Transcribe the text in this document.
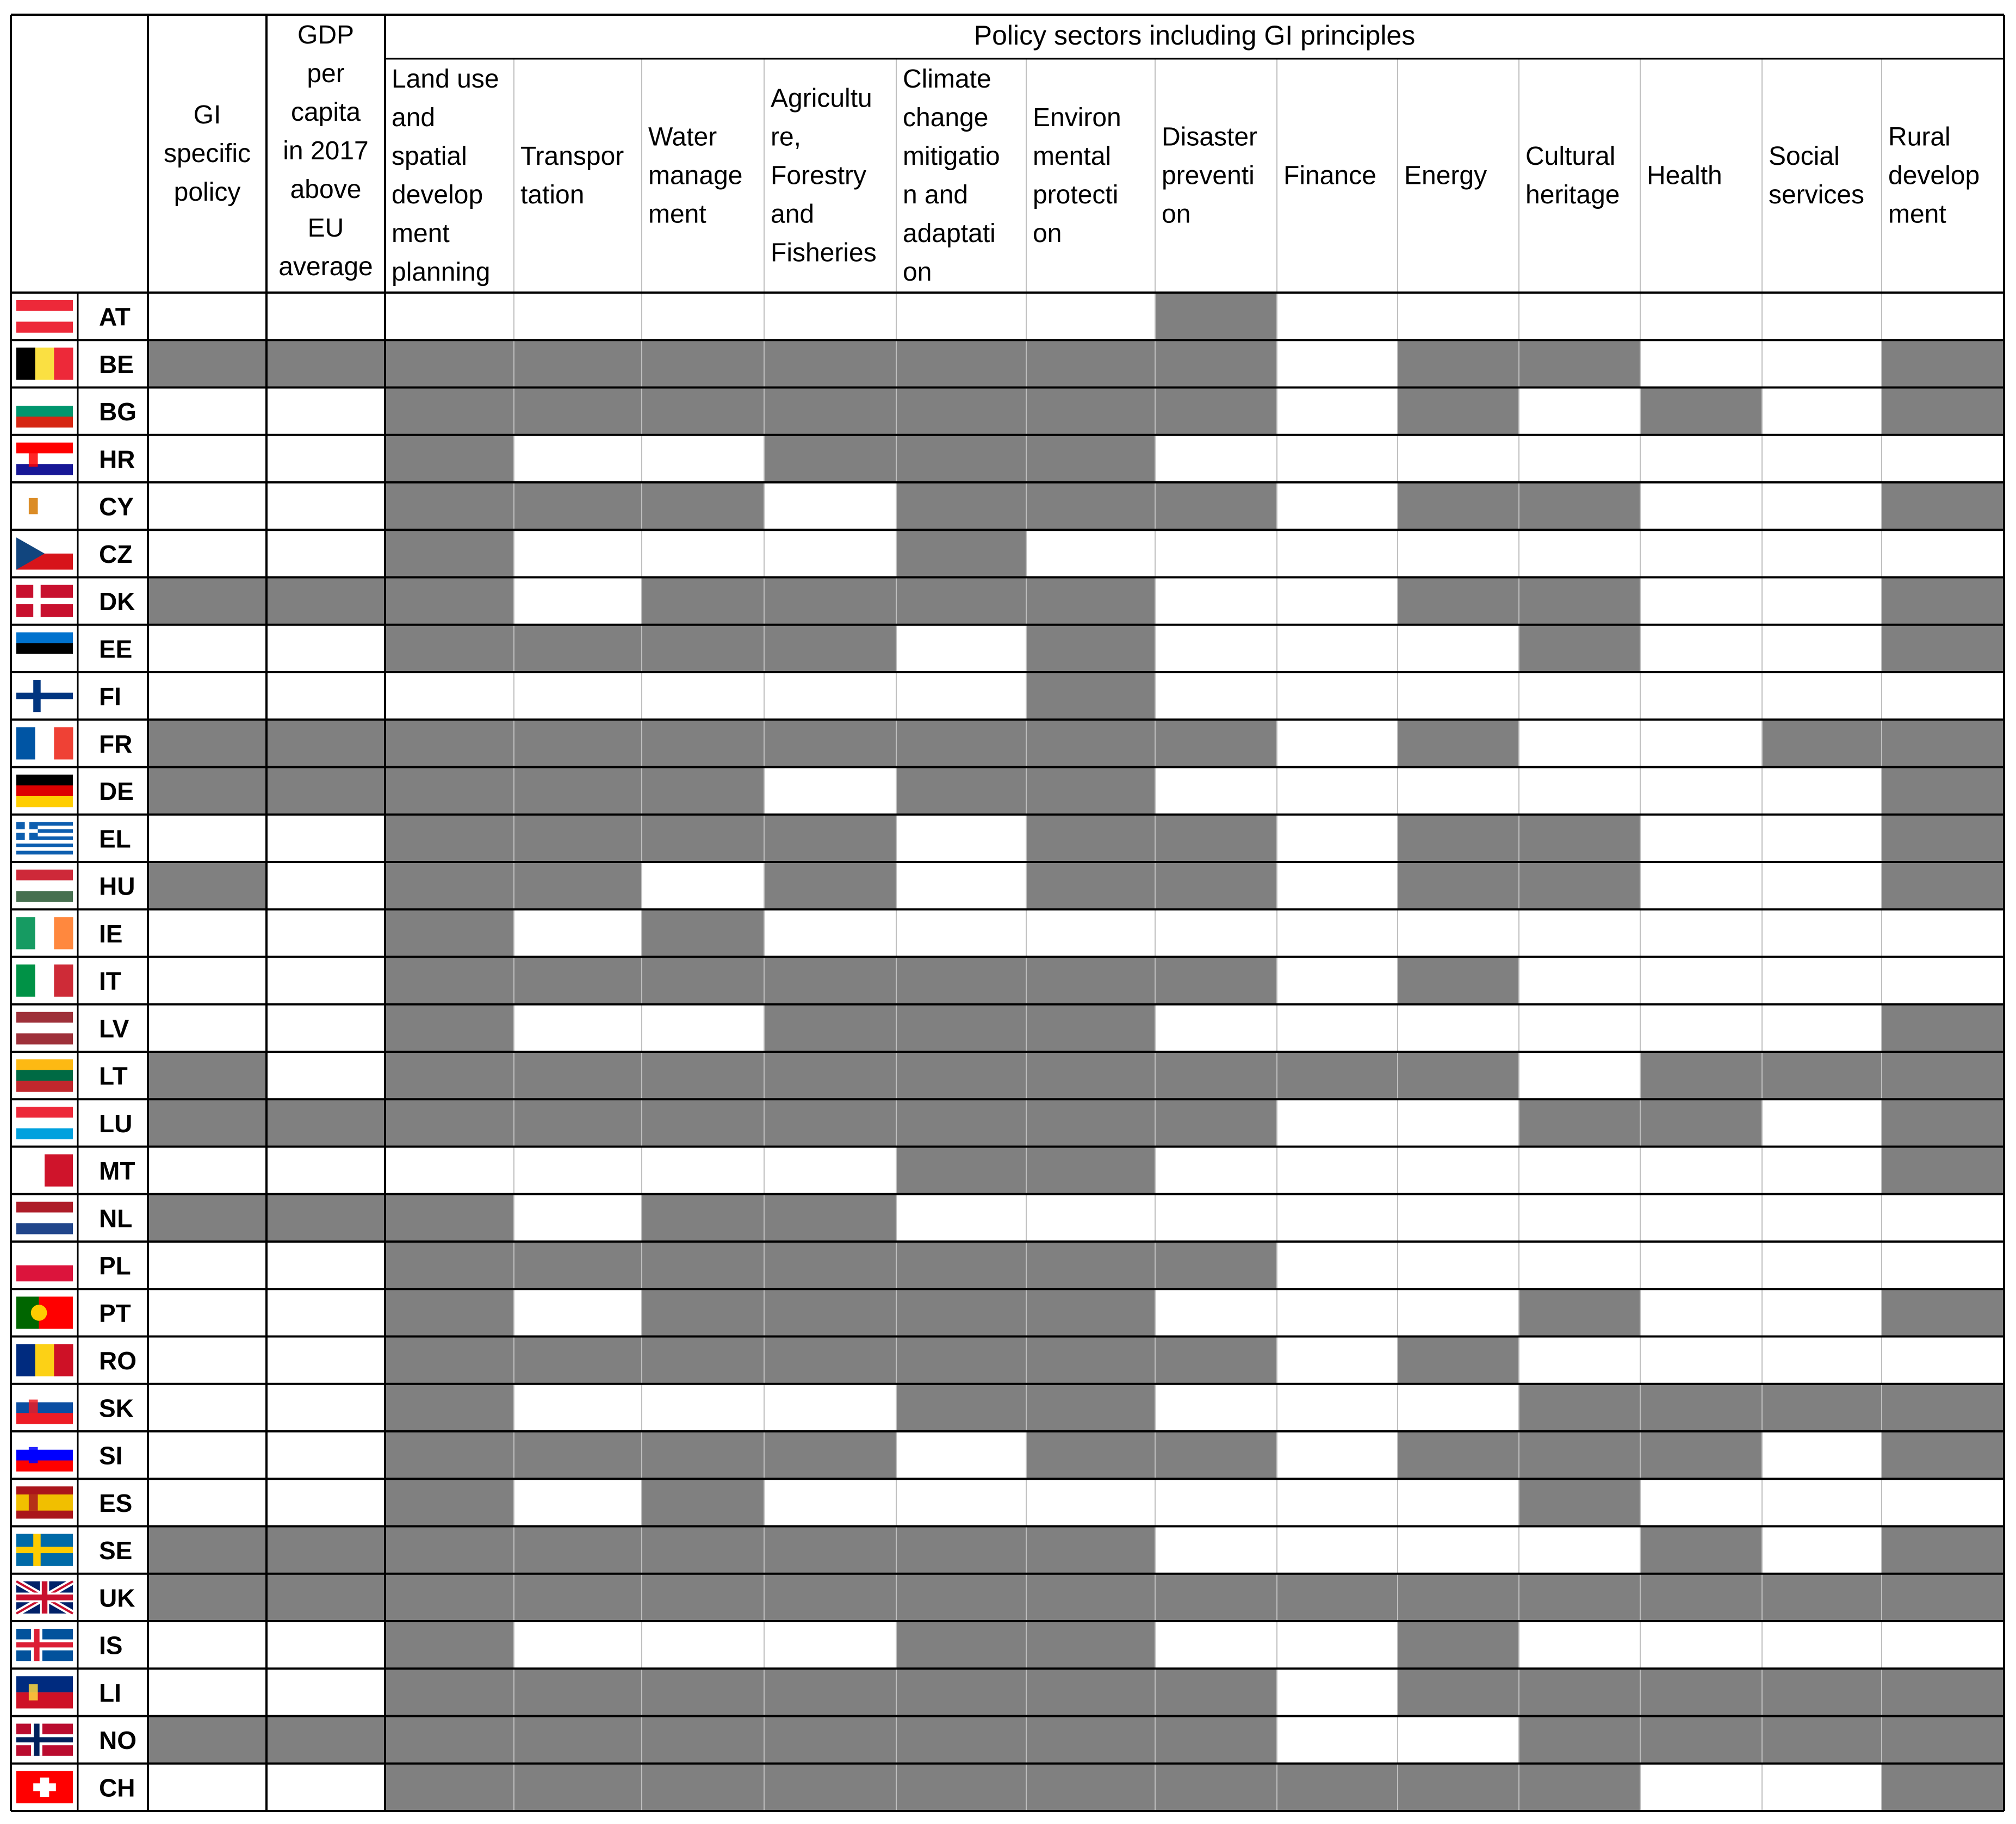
Policy sectors including GI principles
GI
specific
policy
GDP
per
capita
in 2017
above
EU
average
Land use
and
spatial
develop
ment
planning
Transpor
tation
Water
manage
ment
Agricultu
re,
Forestry
and
Fisheries
Climate
change
mitigatio
n and
adaptati
on
Environ
mental
protecti
on
Disaster
preventi
on
Finance Energy
Cultural
heritage
Health
Social
services
Rural
develop
ment
AT
BE
BG
HR
CY
CZ
DK
EE
FI
FR
DE
EL
HU
IE
IT
LV
LT
LU
MT
NL
PL
PT
RO
SK
SI
ES
SE
UK
IS
LI
NO
CH
